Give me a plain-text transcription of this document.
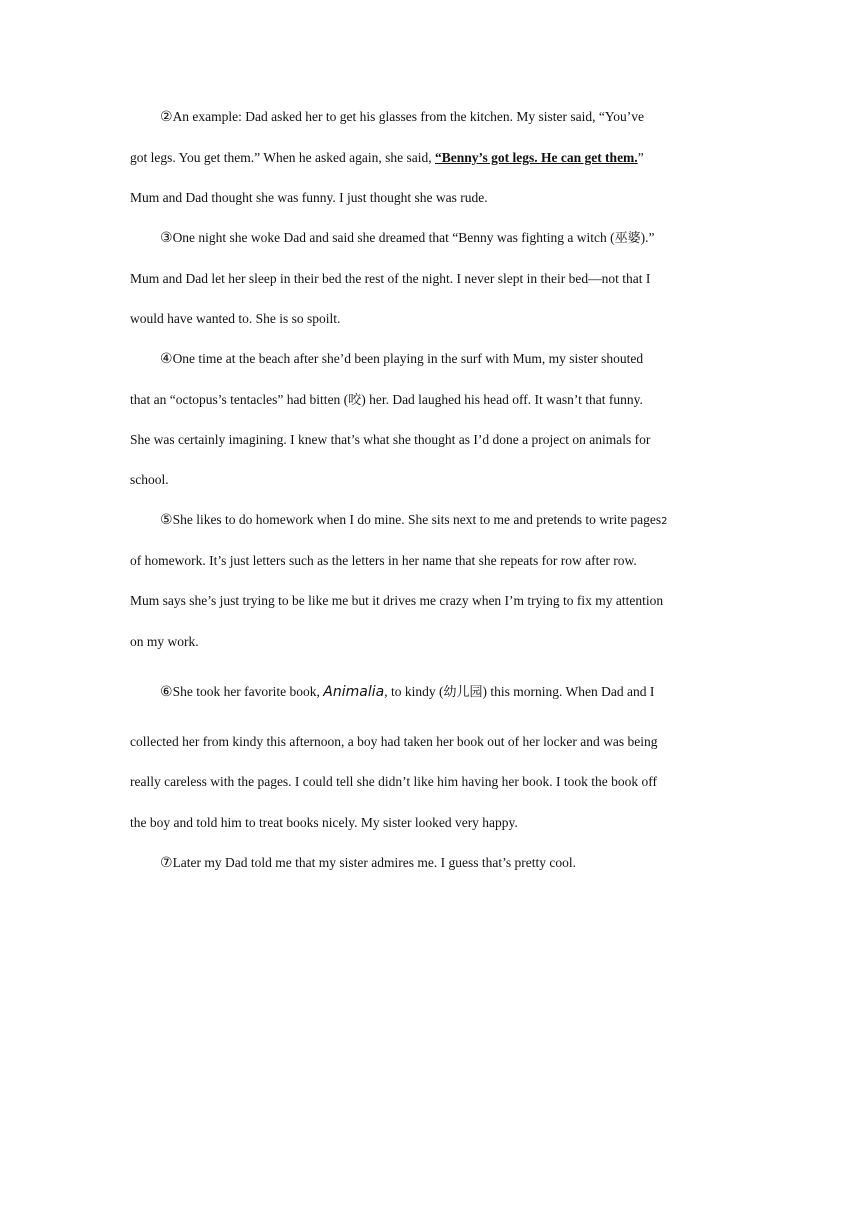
②An example: Dad asked her to get his glasses from the kitchen. My sister said, “You’ve
got legs. You get them.” When he asked again, she said, “Benny’s got legs. He can get them.”
Mum and Dad thought she was funny. I just thought she was rude.
③One night she woke Dad and said she dreamed that “Benny was fighting a witch (巫婆).”
Mum and Dad let her sleep in their bed the rest of the night. I never slept in their bed—not that I
would have wanted to. She is so spoilt.
④One time at the beach after she’d been playing in the surf with Mum, my sister shouted
that an “octopus’s tentacles” had bitten (咬) her. Dad laughed his head off. It wasn’t that funny.
She was certainly imagining. I knew that’s what she thought as I’d done a project on animals for
school.
⑤She likes to do homework when I do mine. She sits next to me and pretends to write pages2
of homework. It’s just letters such as the letters in her name that she repeats for row after row.
Mum says she’s just trying to be like me but it drives me crazy when I’m trying to fix my attention
on my work.
⑥She took her favorite book, Animalia, to kindy (幼儿园) this morning. When Dad and I
collected her from kindy this afternoon, a boy had taken her book out of her locker and was being
really careless with the pages. I could tell she didn’t like him having her book. I took the book off
the boy and told him to treat books nicely. My sister looked very happy.
⑦Later my Dad told me that my sister admires me. I guess that’s pretty cool.
